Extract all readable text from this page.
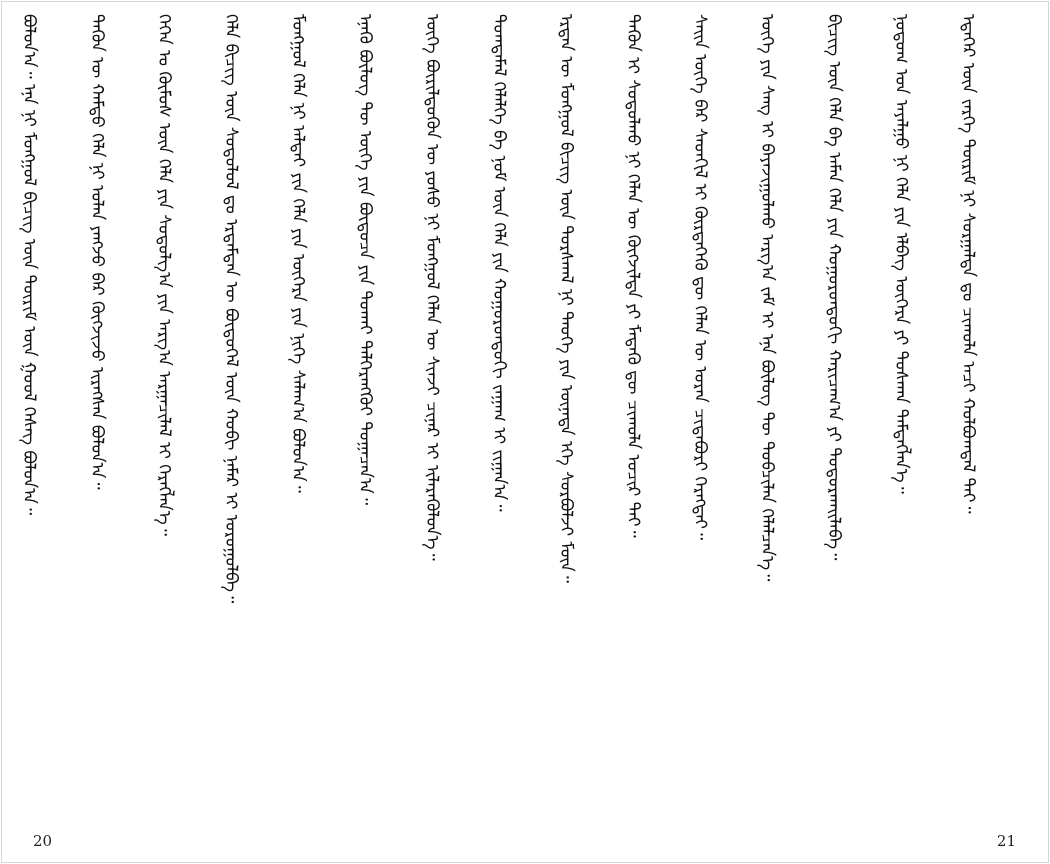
ᠪᠣᠯᠤᠨ᠎ᠠ᠃ ᠡᠨᠡ ᠨᠢ ᠮᠣᠩᠭᠣᠯ ᠪᠢᠴᠢᠭ ᠦᠨ ᠳᠦᠷᠢᠮ ᠦᠨ ᠭᠣᠣᠯ ᠬᠡᠰᠡᠭ ᠪᠣᠯᠤᠨ᠎ᠠ᠃	ᠲᠡᠭᠦᠨ ᠦ ᠬᠠᠮᠲᠤ ᠬᠡᠯᠡ ᠨᠢ ᠣᠯᠠᠨ ᠶᠠᠩᠵᠤ ᠪᠠᠷ ᠬᠥᠭᠵᠢᠵᠦ ᠢᠷᠡᠭᠰᠡᠨ ᠪᠣᠯᠤᠨ᠎ᠠ᠃	ᠭᠡᠭᠡᠨ ᠤ ᠬᠦᠮᠦᠰ ᠦᠨ ᠬᠡᠯᠡ ᠶᠢᠨ ᠰᠤᠳᠤᠯᠭ᠎ᠠ ᠶᠢᠨ ᠠᠷᠭ᠎ᠠ ᠠᠷᠭᠠᠴᠢᠯᠠᠯ ᠢ ᠬᠡᠷᠡᠭᠯᠡᠨ᠎ᠡ᠃	ᠬᠡᠯᠡ ᠪᠢᠴᠢᠭ ᠦᠨ ᠰᠤᠳᠤᠯᠤᠯ ᠳᠤ ᠡᠷᠳᠡᠮᠲᠡᠨ ᠦ ᠪᠦᠲᠦᠭᠡᠯ ᠦᠨ ᠬᠤᠪᠢ ᠨᠡᠮᠡᠷ ᠢ ᠣᠷᠣᠭᠤᠯᠪᠠ᠃	ᠮᠣᠩᠭᠣᠯ ᠬᠡᠯᠡ ᠨᠢ ᠠᠯᠲᠠᠢ ᠶᠢᠨ ᠬᠡᠯᠡ ᠶᠢᠨ ᠦᠭᠡᠷᠡ ᠶᠢᠨ ᠨᠢᠭᠡ ᠰᠠᠯᠠᠭ᠎ᠠ ᠪᠣᠯᠤᠨ᠎ᠠ᠃	ᠡᠨᠡᠬᠦ ᠪᠦᠯᠦᠭ ᠲᠦ ᠦᠭᠡ ᠶᠢᠨ ᠪᠦᠲᠦᠴᠡ ᠶᠢᠨ ᠲᠤᠬᠠᠢ ᠳᠡᠯᠭᠡᠷᠡᠩᠭᠦᠢ ᠲᠣᠭᠠᠴᠠᠨ᠎ᠠ᠃	ᠦᠭᠡ ᠪᠦᠷᠢᠯᠳᠦᠬᠦᠨ ᠦ ᠶᠣᠰᠣ ᠨᠢ ᠮᠣᠩᠭᠣᠯ ᠬᠡᠯᠡᠨ ᠦ ᠰᠢᠨᠵᠢ ᠴᠢᠨᠠᠷ ᠢ ᠢᠯᠡᠷᠡᠭᠦᠯᠦᠨ᠎ᠡ᠃	ᠲᠣᠭᠲᠠᠮᠠᠯ ᠬᠡᠯᠡᠯᠭᠡ ᠪᠠ ᠨᠣᠮ ᠦᠨ ᠬᠡᠯᠡ ᠶᠢᠨ ᠬᠣᠭᠣᠷᠣᠨᠳᠤᠬᠢ ᠵᠠᠭᠠᠭ ᠢ ᠵᠢᠭᠠᠨ᠎ᠠ᠃	ᠡᠷᠲᠡᠨ ᠦ ᠮᠣᠩᠭᠣᠯ ᠪᠢᠴᠢᠭ ᠦᠨ ᠳᠤᠷᠰᠬᠠᠯ ᠨᠢ ᠲᠡᠦᠬᠡ ᠶᠢᠨ ᠦᠨᠡᠲᠡ ᠡᠬᠡ ᠰᠤᠷᠪᠤᠯᠵᠢ ᠮᠥᠨ᠃	ᠲᠡᠭᠦᠨ ᠢ ᠰᠤᠳᠤᠯᠬᠤ ᠨᠢ ᠬᠡᠯᠡᠨ ᠦ ᠬᠥᠭᠵᠢᠯᠲᠡ ᠶᠢ ᠮᠡᠳᠡᠬᠦ ᠳᠦ ᠴᠢᠬᠤᠯᠠ ᠤᠴᠢᠷ ᠲᠠᠢ᠃	ᠰᠠᠢᠨ ᠦᠭᠡ ᠪᠡᠷ ᠰᠡᠳᠬᠢᠯ ᠢ ᠬᠦᠷᠲᠡᠭᠡᠬᠦ ᠳᠦ ᠬᠡᠯᠡᠨ ᠦ ᠤᠷᠠᠨ ᠴᠢᠳᠠᠪᠤᠷᠢ ᠬᠡᠷᠡᠭᠲᠡᠢ᠃	ᠦᠭᠡ ᠶᠢᠨ ᠰᠠᠩ ᠢ ᠪᠠᠶᠠᠵᠢᠭᠤᠯᠬᠤ ᠠᠷᠭ᠎ᠠ ᠵᠠᠮ ᠢ ᠡᠨᠡ ᠪᠦᠯᠦᠭ ᠲᠦ ᠲᠣᠪᠴᠢᠯᠠᠨ ᠬᠡᠯᠡᠯᠴᠡᠨ᠎ᠡ᠃	ᠪᠢᠴᠢᠭ ᠦᠨ ᠬᠡᠯᠡ ᠪᠠ ᠠᠮᠠᠨ ᠬᠡᠯᠡ ᠶᠢᠨ ᠬᠣᠭᠣᠷᠣᠨᠳᠤᠬᠢ ᠬᠠᠷᠢᠴᠠᠭ᠎ᠠ ᠶᠢ ᠲᠣᠳᠣᠷᠬᠠᠢᠯᠠᠪᠠ᠃	ᠨᠤᠲᠤᠭ ᠤᠨ ᠠᠶᠠᠯᠭᠤ ᠨᠢ ᠬᠡᠯᠡ ᠶᠢᠨ ᠡᠯᠪᠡᠭ ᠦᠭᠡᠷᠡ ᠶᠢ ᠲᠤᠰᠬᠠᠨ ᠲᠡᠮᠳᠡᠭᠯᠡᠨ᠎ᠡ᠃	ᠡᠳᠡᠭᠡᠷ ᠦᠨ ᠵᠡᠷᠭᠡ ᠳᠦᠷᠢᠮ ᠨᠢ ᠰᠤᠷᠭᠠᠯᠲᠠ ᠳᠤ ᠴᠢᠬᠤᠯᠠ ᠠᠴᠢ ᠬᠣᠯᠪᠣᠭᠳᠠᠯ ᠲᠠᠢ᠃
20	21
